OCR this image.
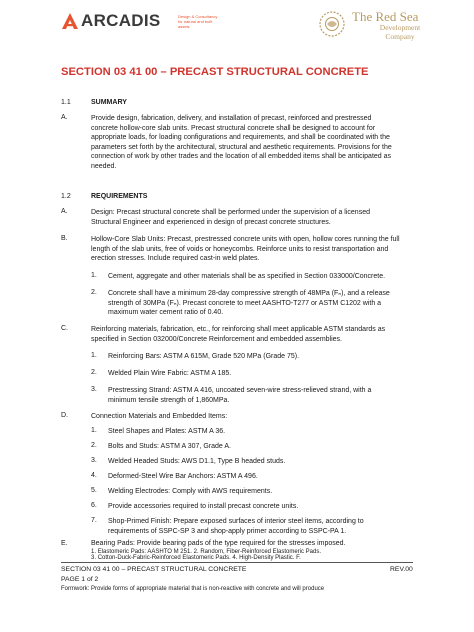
ARCADIS	Design & Consultancy for natural and built assets
The Red Sea
Development
Company
SECTION 03 41 00 – PRECAST STRUCTURAL CONCRETE
1.1	SUMMARY
A.	Provide design, fabrication, delivery, and installation of precast, reinforced and prestressed
concrete hollow-core slab units. Precast structural concrete shall be designed to account for
appropriate loads, for loading configurations and requirements, and shall be coordinated with the
parameters set forth by the architectural, structural and aesthetic requirements. Provisions for the
connection of work by other trades and the location of all embedded items shall be anticipated as
needed.
1.2	REQUIREMENTS
A.	Design: Precast structural concrete shall be performed under the supervision of a licensed
Structural Engineer and experienced in design of precast concrete structures.
B.	Hollow-Core Slab Units: Precast, prestressed concrete units with open, hollow cores running the full
length of the slab units, free of voids or honeycombs. Reinforce units to resist transportation and
erection stresses. Include required cast-in weld plates.
1. Cement, aggregate and other materials shall be as specified in Section 033000/Concrete.
2. Concrete shall have a minimum 28-day compressive strength of 48MPa (Fₙ), and a release
strength of 30MPa (Fₙ). Precast concrete to meet AASHTO-T277 or ASTM C1202 with a
maximum water cement ratio of 0.40.
C.	Reinforcing materials, fabrication, etc., for reinforcing shall meet applicable ASTM standards as
specified in Section 032000/Concrete Reinforcement and embedded assemblies.
1. Reinforcing Bars: ASTM A 615M, Grade 520 MPa (Grade 75).
2. Welded Plain Wire Fabric: ASTM A 185.
3. Prestressing Strand: ASTM A 416, uncoated seven-wire stress-relieved strand, with a
minimum tensile strength of 1,860MPa.
D.	Connection Materials and Embedded Items:
1. Steel Shapes and Plates: ASTM A 36.
2. Bolts and Studs: ASTM A 307, Grade A.
3. Welded Headed Studs: AWS D1.1, Type B headed studs.
4. Deformed-Steel Wire Bar Anchors: ASTM A 496.
5. Welding Electrodes: Comply with AWS requirements.
6. Provide accessories required to install precast concrete units.
7. Shop-Primed Finish: Prepare exposed surfaces of interior steel items, according to
requirements of SSPC-SP 3 and shop-apply primer according to SSPC-PA 1.
SECTION 03 41 00 – PRECAST STRUCTURAL CONCRETE	REV.00
PAGE 1 of 2
E.	Bearing Pads: Provide bearing pads of the type required for the stresses imposed.
1. Elastomeric Pads: AASHTO M 251. 2. Random, Fiber-Reinforced Elastomeric Pads.
3. Cotton-Duck-Fabric-Reinforced Elastomeric Pads. 4. High-Density Plastic. F.
Formwork: Provide forms of appropriate material that is non-reactive with concrete and will produce
